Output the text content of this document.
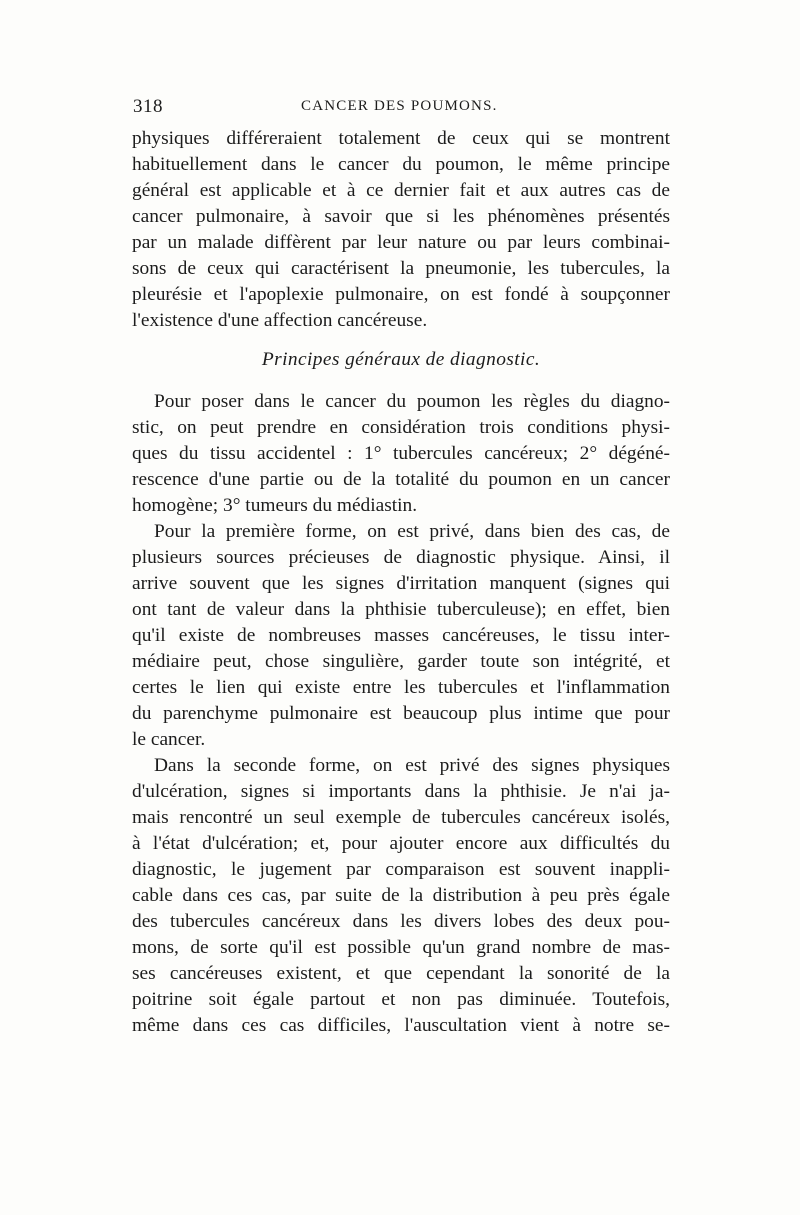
318	CANCER DES POUMONS.
physiques différeraient totalement de ceux qui se montrent
habituellement dans le cancer du poumon, le même principe
général est applicable et à ce dernier fait et aux autres cas de
cancer pulmonaire, à savoir que si les phénomènes présentés
par un malade diffèrent par leur nature ou par leurs combinai-
sons de ceux qui caractérisent la pneumonie, les tubercules, la
pleurésie et l'apoplexie pulmonaire, on est fondé à soupçonner
l'existence d'une affection cancéreuse.
Principes généraux de diagnostic.
Pour poser dans le cancer du poumon les règles du diagno-
stic, on peut prendre en considération trois conditions physi-
ques du tissu accidentel : 1° tubercules cancéreux; 2° dégéné-
rescence d'une partie ou de la totalité du poumon en un cancer
homogène; 3° tumeurs du médiastin.
Pour la première forme, on est privé, dans bien des cas, de
plusieurs sources précieuses de diagnostic physique. Ainsi, il
arrive souvent que les signes d'irritation manquent (signes qui
ont tant de valeur dans la phthisie tuberculeuse); en effet, bien
qu'il existe de nombreuses masses cancéreuses, le tissu inter-
médiaire peut, chose singulière, garder toute son intégrité, et
certes le lien qui existe entre les tubercules et l'inflammation
du parenchyme pulmonaire est beaucoup plus intime que pour
le cancer.
Dans la seconde forme, on est privé des signes physiques
d'ulcération, signes si importants dans la phthisie. Je n'ai ja-
mais rencontré un seul exemple de tubercules cancéreux isolés,
à l'état d'ulcération; et, pour ajouter encore aux difficultés du
diagnostic, le jugement par comparaison est souvent inappli-
cable dans ces cas, par suite de la distribution à peu près égale
des tubercules cancéreux dans les divers lobes des deux pou-
mons, de sorte qu'il est possible qu'un grand nombre de mas-
ses cancéreuses existent, et que cependant la sonorité de la
poitrine soit égale partout et non pas diminuée. Toutefois,
même dans ces cas difficiles, l'auscultation vient à notre se-
